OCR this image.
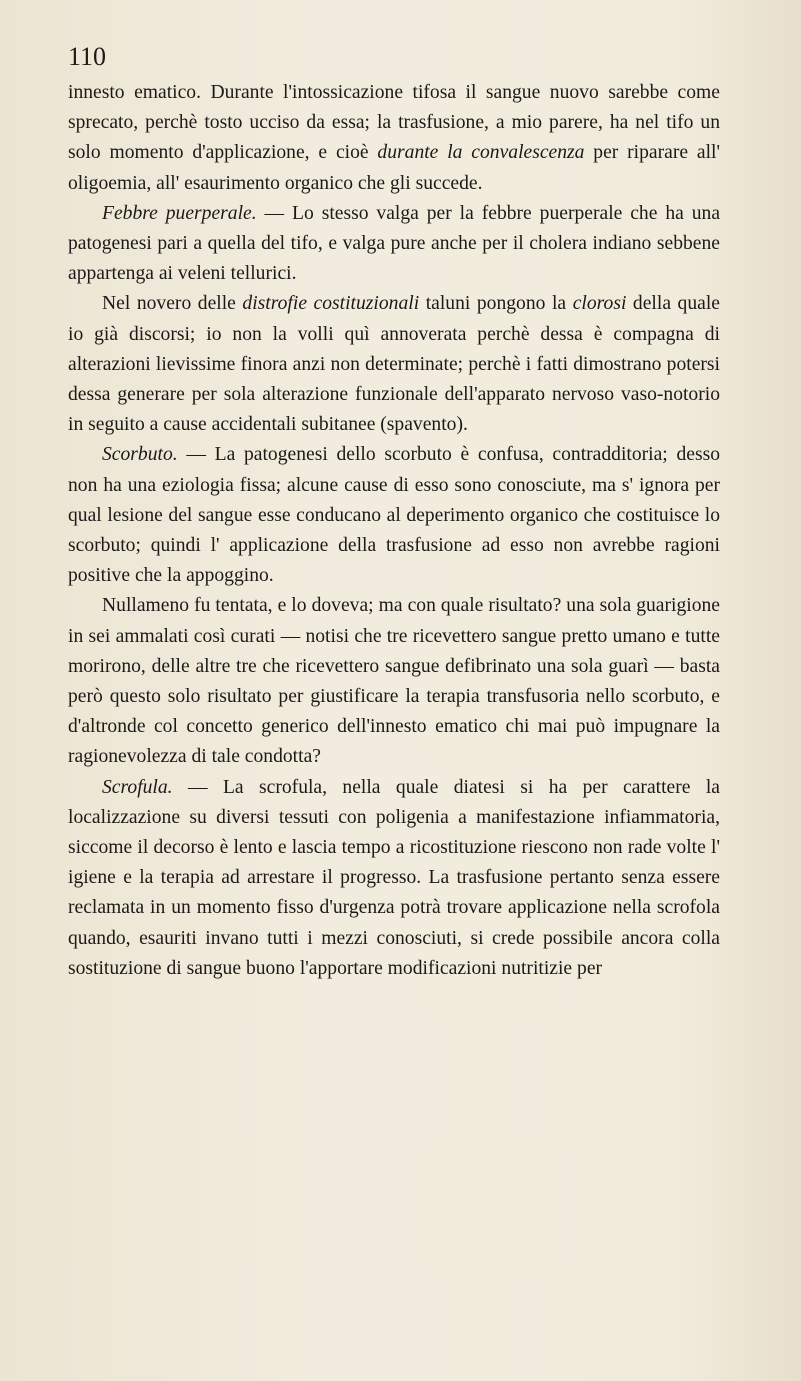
110

innesto ematico. Durante l'intossicazione tifosa il sangue nuovo sarebbe come sprecato, perchè tosto ucciso da essa; la trasfusione, a mio parere, ha nel tifo un solo momento d'applicazione, e cioè durante la convalescenza per riparare all' oligoemia, all' esaurimento organico che gli succede.

Febbre puerperale. — Lo stesso valga per la febbre puerperale che ha una patogenesi pari a quella del tifo, e valga pure anche per il cholera indiano sebbene appartenga ai veleni tellurici.

Nel novero delle distrofie costituzionali taluni pongono la clorosi della quale io già discorsi; io non la volli quì annoverata perchè dessa è compagna di alterazioni lievissime finora anzi non determinate; perchè i fatti dimostrano potersi dessa generare per sola alterazione funzionale dell'apparato nervoso vaso-notorio in seguito a cause accidentali subitanee (spavento).

Scorbuto. — La patogenesi dello scorbuto è confusa, contradditoria; desso non ha una eziologia fissa; alcune cause di esso sono conosciute, ma s' ignora per qual lesione del sangue esse conducano al deperimento organico che costituisce lo scorbuto; quindi l' applicazione della trasfusione ad esso non avrebbe ragioni positive che la appoggino.

Nullameno fu tentata, e lo doveva; ma con quale risultato? una sola guarigione in sei ammalati così curati — notisi che tre ricevettero sangue pretto umano e tutte morirono, delle altre tre che ricevettero sangue defibrinato una sola guarì — basta però questo solo risultato per giustificare la terapia transfusoria nello scorbuto, e d'altronde col concetto generico dell'innesto ematico chi mai può impugnare la ragionevolezza di tale condotta?

Scrofula. — La scrofula, nella quale diatesi si ha per carattere la localizzazione su diversi tessuti con poligenia a manifestazione infiammatoria, siccome il decorso è lento e lascia tempo a ricostituzione riescono non rade volte l' igiene e la terapia ad arrestare il progresso. La trasfusione pertanto senza essere reclamata in un momento fisso d'urgenza potrà trovare applicazione nella scrofola quando, esauriti invano tutti i mezzi conosciuti, si crede possibile ancora colla sostituzione di sangue buono l'apportare modificazioni nutritizie per
